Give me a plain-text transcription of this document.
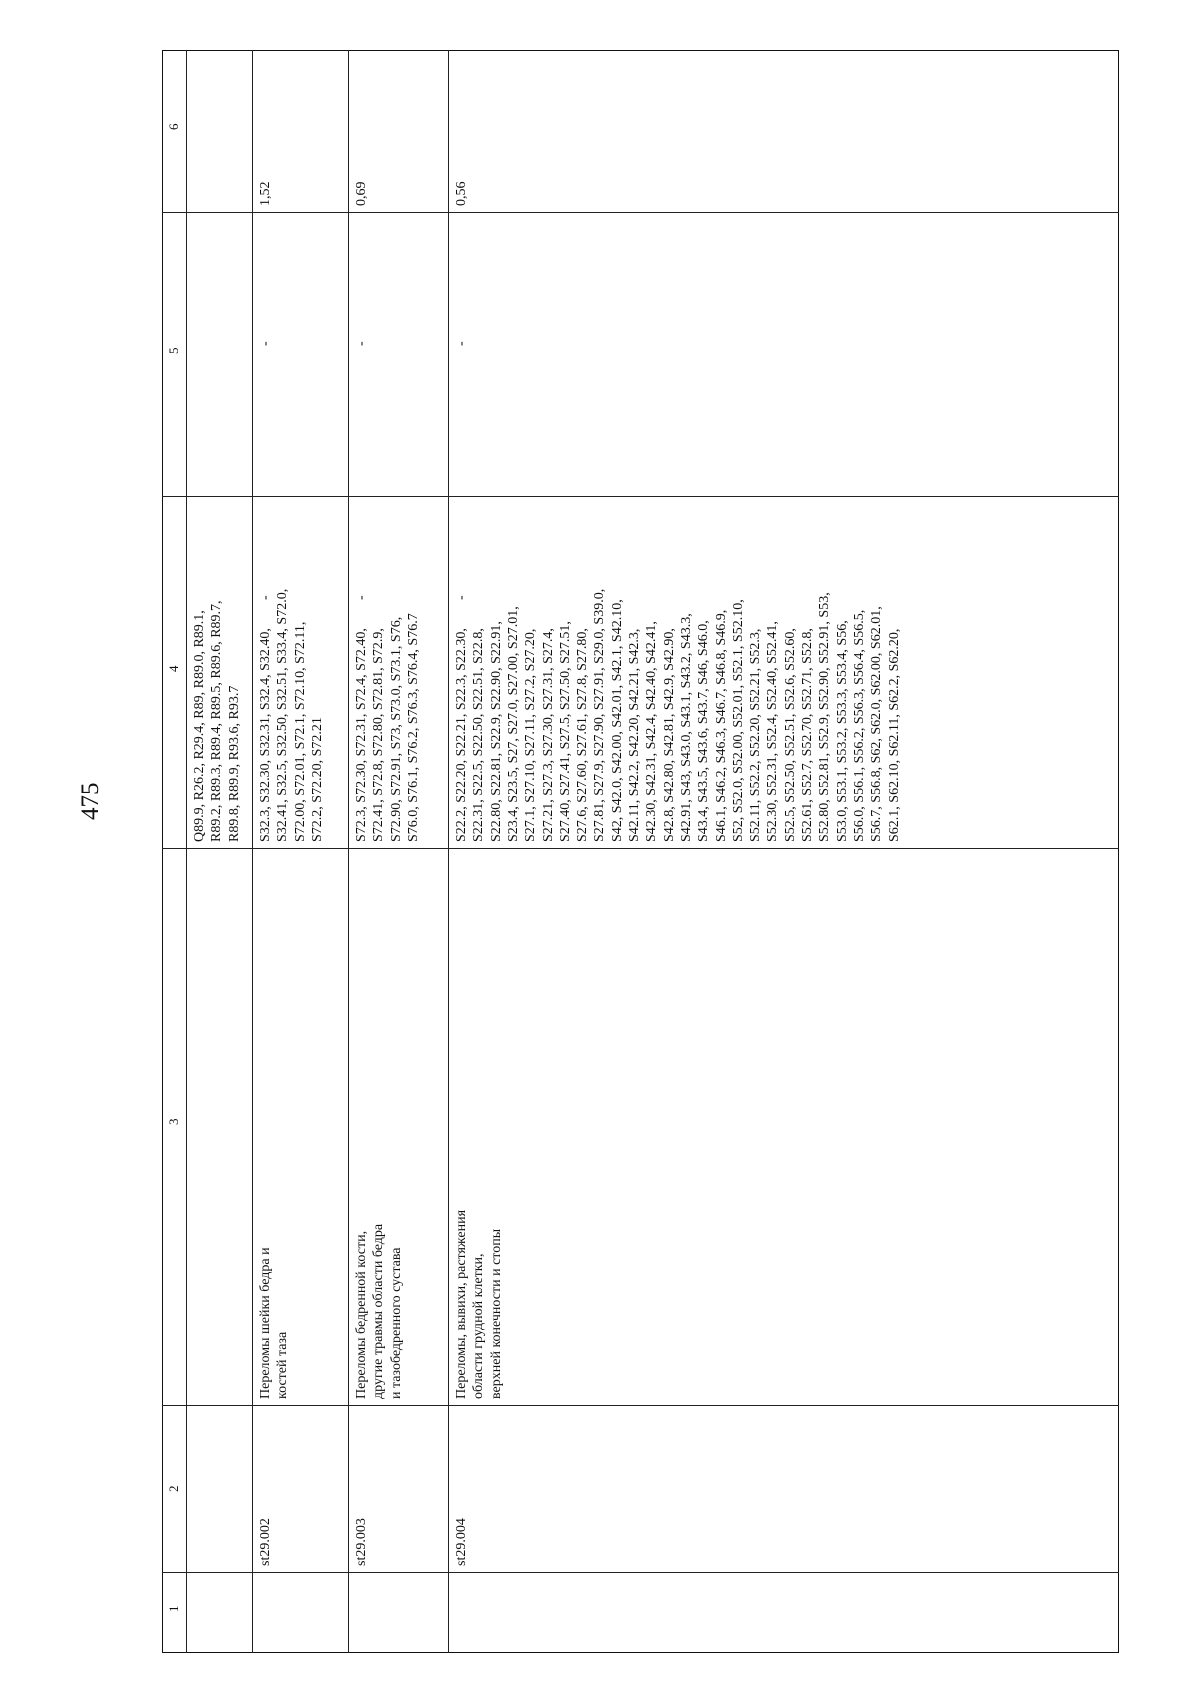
475
1
2
3
4
5
6
Q89.9, R26.2, R29.4, R89, R89.0, R89.1, R89.2, R89.3, R89.4, R89.5, R89.6, R89.7, R89.8, R89.9, R93.6, R93.7
st29.002
Переломы шейки бедра и костей таза
S32.3, S32.30, S32.31, S32.4, S32.40, S32.41, S32.5, S32.50, S32.51, S33.4, S72.0, S72.00, S72.01, S72.1, S72.10, S72.11, S72.2, S72.20, S72.21
-
-
1,52
st29.003
Переломы бедренной кости, другие травмы области бедра и тазобедренного сустава
S72.3, S72.30, S72.31, S72.4, S72.40, S72.41, S72.8, S72.80, S72.81, S72.9, S72.90, S72.91, S73, S73.0, S73.1, S76, S76.0, S76.1, S76.2, S76.3, S76.4, S76.7
-
-
0,69
st29.004
Переломы, вывихи, растяжения области грудной клетки, верхней конечности и стопы
S22.2, S22.20, S22.21, S22.3, S22.30, S22.31, S22.5, S22.50, S22.51, S22.8, S22.80, S22.81, S22.9, S22.90, S22.91, S23.4, S23.5, S27, S27.0, S27.00, S27.01, S27.1, S27.10, S27.11, S27.2, S27.20, S27.21, S27.3, S27.30, S27.31, S27.4, S27.40, S27.41, S27.5, S27.50, S27.51, S27.6, S27.60, S27.61, S27.8, S27.80, S27.81, S27.9, S27.90, S27.91, S29.0, S39.0, S42, S42.0, S42.00, S42.01, S42.1, S42.10, S42.11, S42.2, S42.20, S42.21, S42.3, S42.30, S42.31, S42.4, S42.40, S42.41, S42.8, S42.80, S42.81, S42.9, S42.90, S42.91, S43, S43.0, S43.1, S43.2, S43.3, S43.4, S43.5, S43.6, S43.7, S46, S46.0, S46.1, S46.2, S46.3, S46.7, S46.8, S46.9, S52, S52.0, S52.00, S52.01, S52.1, S52.10, S52.11, S52.2, S52.20, S52.21, S52.3, S52.30, S52.31, S52.4, S52.40, S52.41, S52.5, S52.50, S52.51, S52.6, S52.60, S52.61, S52.7, S52.70, S52.71, S52.8, S52.80, S52.81, S52.9, S52.90, S52.91, S53, S53.0, S53.1, S53.2, S53.3, S53.4, S56, S56.0, S56.1, S56.2, S56.3, S56.4, S56.5, S56.7, S56.8, S62, S62.0, S62.00, S62.01, S62.1, S62.10, S62.11, S62.2, S62.20,
-
-
0,56
